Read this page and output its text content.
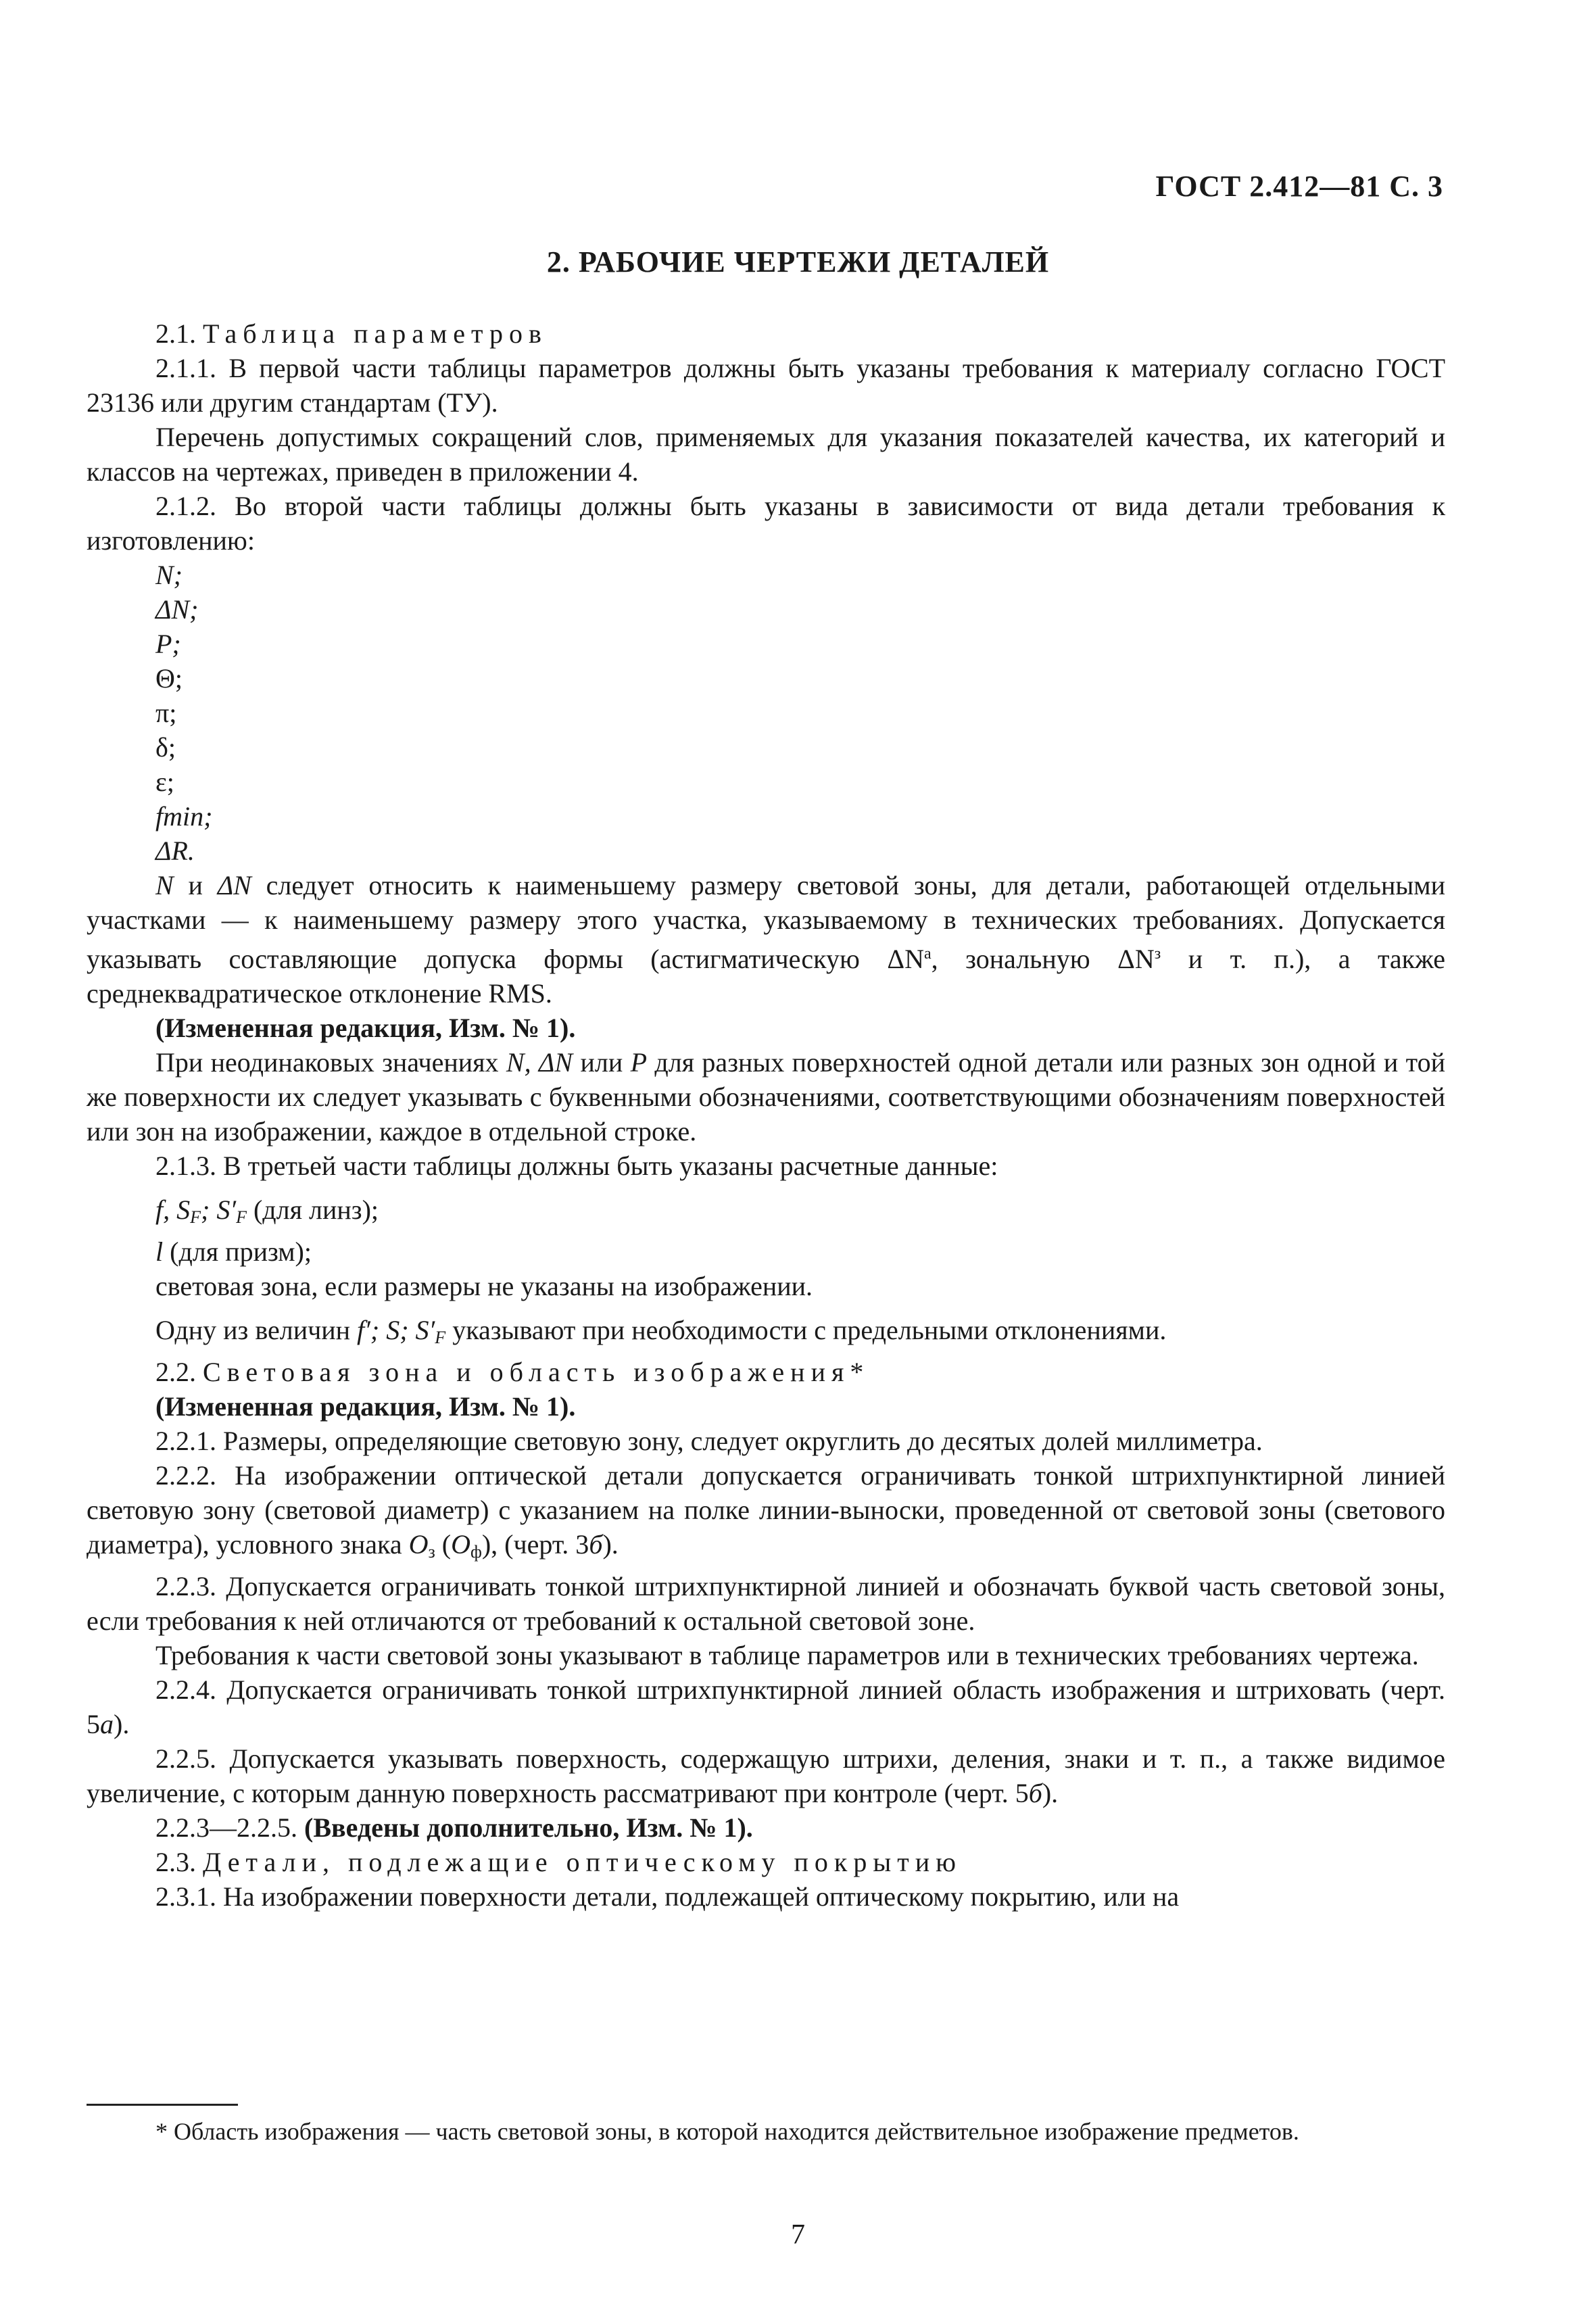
ГОСТ 2.412—81 С. 3
2. РАБОЧИЕ ЧЕРТЕЖИ ДЕТАЛЕЙ

2.1. Таблица параметров

2.1.1. В первой части таблицы параметров должны быть указаны требования к материалу согласно ГОСТ 23136 или другим стандартам (ТУ).

Перечень допустимых сокращений слов, применяемых для указания показателей качества, их категорий и классов на чертежах, приведен в приложении 4.

2.1.2. Во второй части таблицы должны быть указаны в зависимости от вида детали требования к изготовлению:

N;
ΔN;
P;
Θ;
π;
δ;
ε;
fmin;
ΔR.

N и ΔN следует относить к наименьшему размеру световой зоны, для детали, работающей отдельными участками — к наименьшему размеру этого участка, указываемому в технических требованиях. Допускается указывать составляющие допуска формы (астигматическую $\Delta N^а$, зональную $\Delta N^з$ и т. п.), а также среднеквадратическое отклонение RMS.

(Измененная редакция, Изм. № 1).

При неодинаковых значениях N, ΔN или P для разных поверхностей одной детали или разных зон одной и той же поверхности их следует указывать с буквенными обозначениями, соответствующими обозначениям поверхностей или зон на изображении, каждое в отдельной строке.

2.1.3. В третьей части таблицы должны быть указаны расчетные данные:

f, $S_F$; $S'_F$ (для линз);

l (для призм);

световая зона, если размеры не указаны на изображении.

Одну из величин f′; S; $S'_F$ указывают при необходимости с предельными отклонениями.

2.2. Световая зона и область изображения*

(Измененная редакция, Изм. № 1).

2.2.1. Размеры, определяющие световую зону, следует округлить до десятых долей миллиметра.

2.2.2. На изображении оптической детали допускается ограничивать тонкой штрихпунктирной линией световую зону (световой диаметр) с указанием на полке линии-выноски, проведенной от световой зоны (светового диаметра), условного знака $О_з$ $(О_ф)$, (черт. 3б).

2.2.3. Допускается ограничивать тонкой штрихпунктирной линией и обозначать буквой часть световой зоны, если требования к ней отличаются от требований к остальной световой зоне.

Требования к части световой зоны указывают в таблице параметров или в технических требованиях чертежа.

2.2.4. Допускается ограничивать тонкой штрихпунктирной линией область изображения и штриховать (черт. 5а).

2.2.5. Допускается указывать поверхность, содержащую штрихи, деления, знаки и т. п., а также видимое увеличение, с которым данную поверхность рассматривают при контроле (черт. 5б).

2.2.3—2.2.5. (Введены дополнительно, Изм. № 1).

2.3. Детали, подлежащие оптическому покрытию

2.3.1. На изображении поверхности детали, подлежащей оптическому покрытию, или на

* Область изображения — часть световой зоны, в которой находится действительное изображение предметов.
7
